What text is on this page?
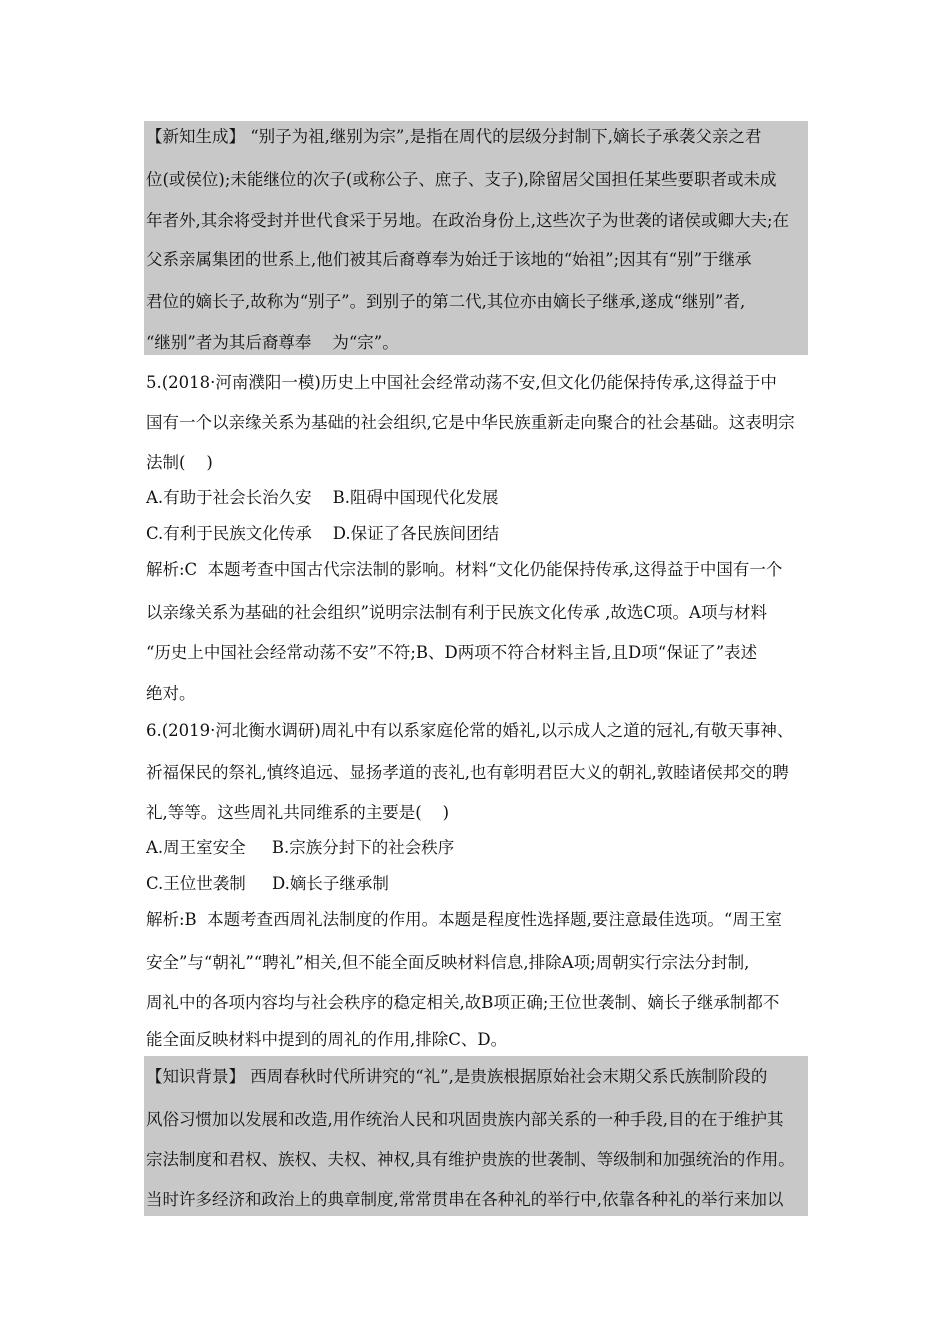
【新知生成】 “别子为祖,继别为宗”,是指在周代的层级分封制下,嫡长子承袭父亲之君
位(或侯位);未能继位的次子(或称公子、庶子、支子),除留居父国担任某些要职者或未成
年者外,其余将受封并世代食采于另地。在政治身份上,这些次子为世袭的诸侯或卿大夫;在
父系亲属集团的世系上,他们被其后裔尊奉为始迁于该地的“始祖”;因其有“别”于继承
君位的嫡长子,故称为“别子”。到别子的第二代,其位亦由嫡长子继承,遂成“继别”者,
“继别”者为其后裔尊奉    为“宗”。
5.(2018·河南濮阳一模)历史上中国社会经常动荡不安,但文化仍能保持传承,这得益于中
国有一个以亲缘关系为基础的社会组织,它是中华民族重新走向聚合的社会基础。这表明宗
法制(    )
A.有助于社会长治久安    B.阻碍中国现代化发展
C.有利于民族文化传承    D.保证了各民族间团结
解析:C  本题考查中国古代宗法制的影响。材料“文化仍能保持传承,这得益于中国有一个
以亲缘关系为基础的社会组织”说明宗法制有利于民族文化传承 ,故选C项。A项与材料
“历史上中国社会经常动荡不安”不符;B、D两项不符合材料主旨,且D项“保证了”表述
绝对。
6.(2019·河北衡水调研)周礼中有以系家庭伦常的婚礼,以示成人之道的冠礼,有敬天事神、
祈福保民的祭礼,慎终追远、显扬孝道的丧礼,也有彰明君臣大义的朝礼,敦睦诸侯邦交的聘
礼,等等。这些周礼共同维系的主要是(    )
A.周王室安全     B.宗族分封下的社会秩序
C.王位世袭制     D.嫡长子继承制
解析:B  本题考查西周礼法制度的作用。本题是程度性选择题,要注意最佳选项。“周王室
安全”与“朝礼”“聘礼”相关,但不能全面反映材料信息,排除A项;周朝实行宗法分封制,
周礼中的各项内容均与社会秩序的稳定相关,故B项正确;王位世袭制、嫡长子继承制都不
能全面反映材料中提到的周礼的作用,排除C、D。
【知识背景】 西周春秋时代所讲究的“礼”,是贵族根据原始社会末期父系氏族制阶段的
风俗习惯加以发展和改造,用作统治人民和巩固贵族内部关系的一种手段,目的在于维护其
宗法制度和君权、族权、夫权、神权,具有维护贵族的世袭制、等级制和加强统治的作用。
当时许多经济和政治上的典章制度,常常贯串在各种礼的举行中,依靠各种礼的举行来加以
